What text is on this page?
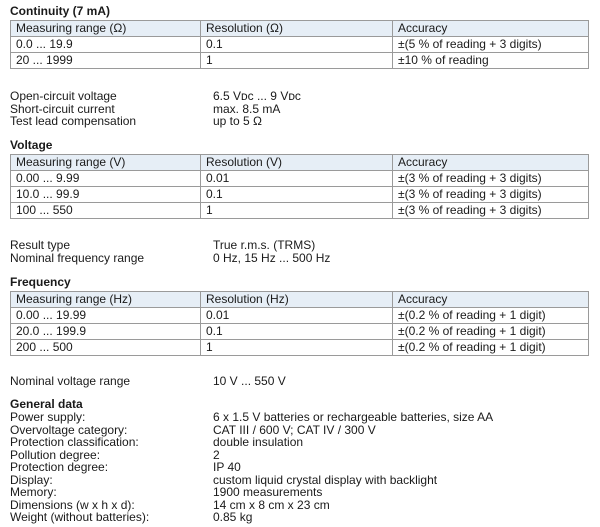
Continuity (7 mA)
Measuring range (Ω)	Resolution (Ω)	Accuracy
0.0 ... 19.9	0.1	±(5 % of reading + 3 digits)
20 ... 1999	1	±10 % of reading
Open-circuit voltage	6.5 Vᴅᴄ ... 9 Vᴅᴄ
Short-circuit current	max. 8.5 mA
Test lead compensation	up to 5 Ω
Voltage
Measuring range (V)	Resolution (V)	Accuracy
0.00 ... 9.99	0.01	±(3 % of reading + 3 digits)
10.0 ... 99.9	0.1	±(3 % of reading + 3 digits)
100 ... 550	1	±(3 % of reading + 3 digits)
Result type	True r.m.s. (TRMS)
Nominal frequency range	0 Hz, 15 Hz ... 500 Hz
Frequency
Measuring range (Hz)	Resolution (Hz)	Accuracy
0.00 ... 19.99	0.01	±(0.2 % of reading + 1 digit)
20.0 ... 199.9	0.1	±(0.2 % of reading + 1 digit)
200 ... 500	1	±(0.2 % of reading + 1 digit)
Nominal voltage range	10 V ... 550 V
General data
Power supply:	6 x 1.5 V batteries or rechargeable batteries, size AA
Overvoltage category:	CAT III / 600 V; CAT IV / 300 V
Protection classification:	double insulation
Pollution degree:	2
Protection degree:	IP 40
Display:	custom liquid crystal display with backlight
Memory:	1900 measurements
Dimensions (w x h x d):	14 cm x 8 cm x 23 cm
Weight (without batteries):	0.85 kg
